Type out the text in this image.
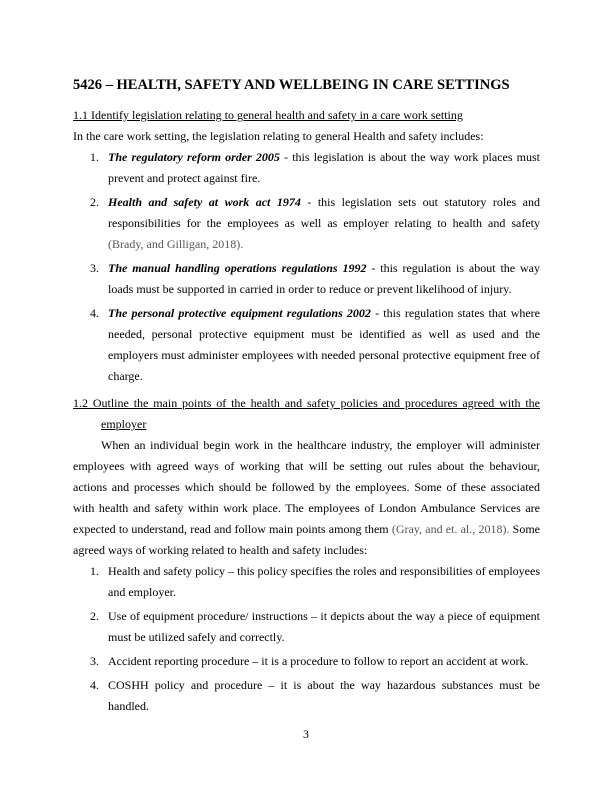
5426 – HEALTH, SAFETY AND WELLBEING IN CARE SETTINGS

1.1 Identify legislation relating to general health and safety in a care work setting

In the care work setting, the legislation relating to general Health and safety includes:

1. The regulatory reform order 2005 - this legislation is about the way work places must prevent and protect against fire.
2. Health and safety at work act 1974 - this legislation sets out statutory roles and responsibilities for the employees as well as employer relating to health and safety (Brady, and Gilligan, 2018).
3. The manual handling operations regulations 1992 - this regulation is about the way loads must be supported in carried in order to reduce or prevent likelihood of injury.
4. The personal protective equipment regulations 2002 - this regulation states that where needed, personal protective equipment must be identified as well as used and the employers must administer employees with needed personal protective equipment free of charge.

1.2 Outline the main points of the health and safety policies and procedures agreed with the employer

When an individual begin work in the healthcare industry, the employer will administer employees with agreed ways of working that will be setting out rules about the behaviour, actions and processes which should be followed by the employees. Some of these associated with health and safety within work place. The employees of London Ambulance Services are expected to understand, read and follow main points among them (Gray, and et. al., 2018). Some agreed ways of working related to health and safety includes:

1. Health and safety policy – this policy specifies the roles and responsibilities of employees and employer.
2. Use of equipment procedure/ instructions – it depicts about the way a piece of equipment must be utilized safely and correctly.
3. Accident reporting procedure – it is a procedure to follow to report an accident at work.
4. COSHH policy and procedure – it is about the way hazardous substances must be handled.
3
